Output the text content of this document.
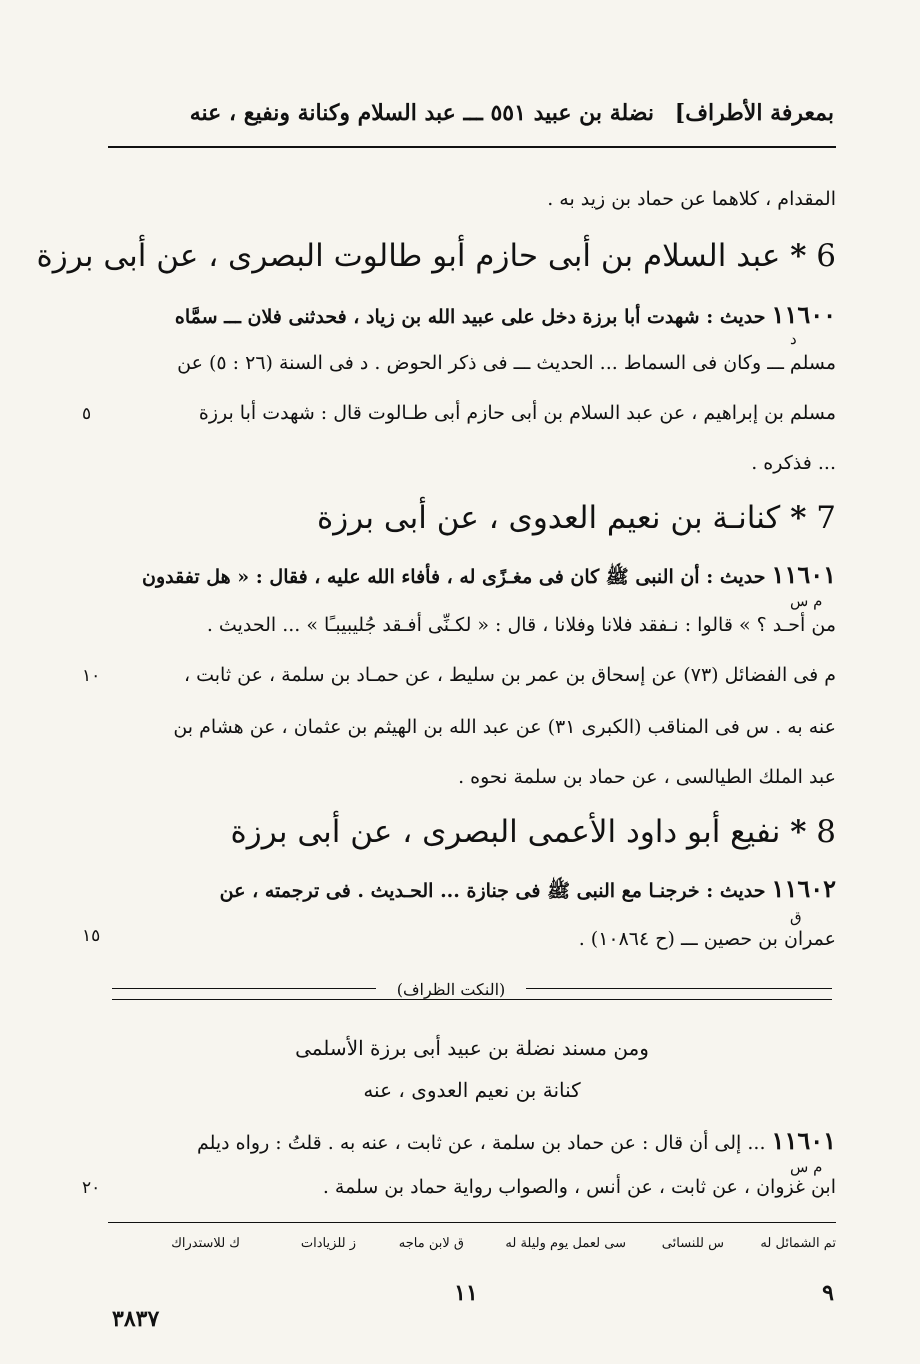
بمعرفة الأطراف]
نضلة بن عبيد ٥٥١ ـــ عبد السلام وكنانة ونفيع ، عنه
المقدام ، كلاهما عن حماد بن زيد به .
6 * عبد السلام بن أبى حازم أبو طالوت البصرى ، عن أبى برزة
١١٦٠٠ حديث : شهدت أبا برزة دخل على عبيد الله بن زياد ، فحدثنى فلان ـــ سمَّاه
د
مسلم ـــ وكان فى السماط ... الحديث ـــ فى ذكر الحوض . د فى السنة (٢٦ : ٥) عن
مسلم بن إبراهيم ، عن عبد السلام بن أبى حازم أبى طـالوت قال : شهدت أبا برزة
٥
... فذكره .
7 * كنانـة بن نعيم العدوى ، عن أبى برزة
١١٦٠١ حديث : أن النبى ﷺ كان فى مغـزًى له ، فأفاء الله عليه ، فقال : « هل تفقدون
م س
من أحـد ؟ » قالوا : نـفقد فلانا وفلانا ، قال : « لكـنِّى أفـقد جُليبيبـًا » ... الحديث .
م فى الفضائل (٧٣) عن إسحاق بن عمر بن سليط ، عن حمـاد بن سلمة ، عن ثابت ،
١٠
عنه به . س فى المناقب (الكبرى ٣١) عن عبد الله بن الهيثم بن عثمان ، عن هشام بن
عبد الملك الطيالسى ، عن حماد بن سلمة نحوه .
8 * نفيع أبو داود الأعمى البصرى ، عن أبى برزة
١١٦٠٢ حديث : خرجنـا مع النبى ﷺ فى جنازة ... الحـديث . فى ترجمته ، عن
ق
عمران بن حصين ـــ (ح ١٠٨٦٤) .
١٥
(النكت الظراف)
ومن مسند نضلة بن عبيد أبى برزة الأسلمى
كنانة بن نعيم العدوى ، عنه
١١٦٠١ ... إلى أن قال : عن حماد بن سلمة ، عن ثابت ، عنه به . قلتُ : رواه ديلم
م س
ابن غزوان ، عن ثابت ، عن أنس ، والصواب رواية حماد بن سلمة .
٢٠
تم الشمائل له
س للنسائى
سى لعمل يوم وليلة له
ق لابن ماجه
ز للزيادات
ك للاستدراك
٩
١١
٣٨٣٧
